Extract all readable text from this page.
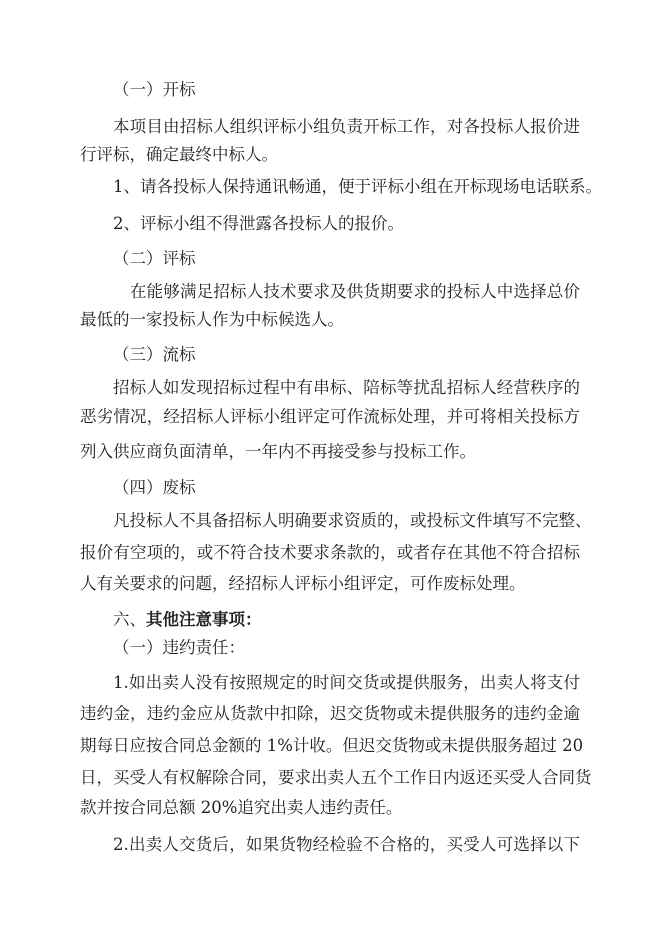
（一）开标
本项目由招标人组织评标小组负责开标工作，对各投标人报价进
行评标，确定最终中标人。
1、请各投标人保持通讯畅通，便于评标小组在开标现场电话联系。
2、评标小组不得泄露各投标人的报价。
（二）评标
在能够满足招标人技术要求及供货期要求的投标人中选择总价
最低的一家投标人作为中标候选人。
（三）流标
招标人如发现招标过程中有串标、陪标等扰乱招标人经营秩序的
恶劣情况，经招标人评标小组评定可作流标处理，并可将相关投标方
列入供应商负面清单，一年内不再接受参与投标工作。
（四）废标
凡投标人不具备招标人明确要求资质的，或投标文件填写不完整、
报价有空项的，或不符合技术要求条款的，或者存在其他不符合招标
人有关要求的问题，经招标人评标小组评定，可作废标处理。
六、其他注意事项：
（一）违约责任：
1.如出卖人没有按照规定的时间交货或提供服务，出卖人将支付
违约金，违约金应从货款中扣除，迟交货物或未提供服务的违约金逾
期每日应按合同总金额的 1%计收。但迟交货物或未提供服务超过 20
日，买受人有权解除合同，要求出卖人五个工作日内返还买受人合同货
款并按合同总额 20%追究出卖人违约责任。
2.出卖人交货后，如果货物经检验不合格的，买受人可选择以下
